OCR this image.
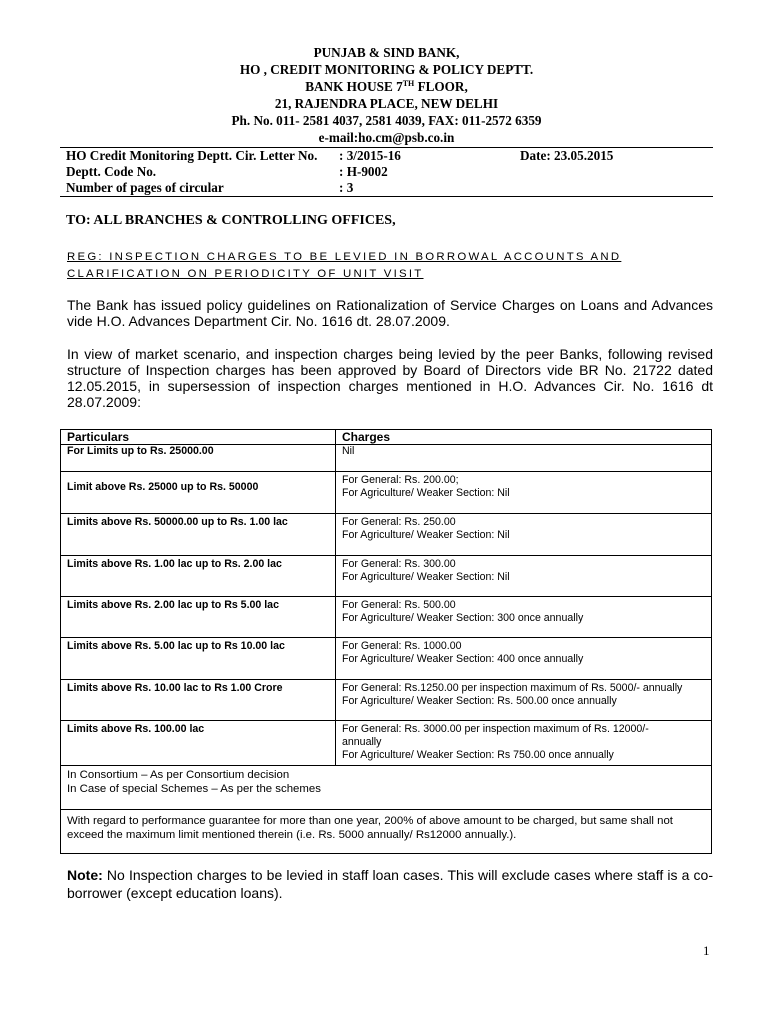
PUNJAB & SIND BANK,
HO , CREDIT MONITORING & POLICY DEPTT.
BANK HOUSE 7TH FLOOR,
21, RAJENDRA PLACE, NEW DELHI
Ph. No. 011- 2581 4037, 2581 4039, FAX: 011-2572 6359
e-mail:ho.cm@psb.co.in
HO Credit Monitoring Deptt. Cir. Letter No. : 3/2015-16	Date: 23.05.2015
Deptt. Code No.	: H-9002
Number of pages of circular	: 3
TO: ALL BRANCHES & CONTROLLING OFFICES,
REG: INSPECTION CHARGES TO BE LEVIED IN BORROWAL ACCOUNTS AND CLARIFICATION ON PERIODICITY OF UNIT VISIT
The Bank has issued policy guidelines on Rationalization of Service Charges on Loans and Advances vide H.O. Advances Department Cir. No. 1616 dt. 28.07.2009.
In view of market scenario, and inspection charges being levied by the peer Banks, following revised structure of Inspection charges has been approved by Board of Directors vide BR No. 21722 dated 12.05.2015, in supersession of inspection charges mentioned in H.O. Advances Cir. No. 1616 dt 28.07.2009:
Particulars	Charges

For Limits up to Rs. 25000.00	Nil

Limit above Rs. 25000 up to Rs. 50000	For General: Rs. 200.00;
For Agriculture/ Weaker Section: Nil

Limits above Rs. 50000.00 up to Rs. 1.00 lac	For General: Rs. 250.00
For Agriculture/ Weaker Section: Nil

Limits above Rs. 1.00 lac up to Rs. 2.00 lac	For General: Rs. 300.00
For Agriculture/ Weaker Section: Nil

Limits above Rs. 2.00 lac up to Rs 5.00 lac	For General: Rs. 500.00
For Agriculture/ Weaker Section: 300 once annually

Limits above Rs. 5.00 lac up to Rs 10.00 lac	For General: Rs. 1000.00
For Agriculture/ Weaker Section: 400 once annually

Limits above Rs. 10.00 lac to Rs 1.00 Crore	For General: Rs.1250.00 per inspection maximum of Rs. 5000/- annually
For Agriculture/ Weaker Section: Rs. 500.00 once annually

Limits above Rs. 100.00 lac	For General: Rs. 3000.00 per inspection maximum of Rs. 12000/-
annually
For Agriculture/ Weaker Section: Rs 750.00 once annually

In Consortium – As per Consortium decision
In Case of special Schemes – As per the schemes	

With regard to performance guarantee for more than one year, 200% of above amount to be charged, but same shall not exceed the maximum limit mentioned therein (i.e. Rs. 5000 annually/ Rs12000 annually.).	
Note: No Inspection charges to be levied in staff loan cases. This will exclude cases where staff is a co-borrower (except education loans).
1
